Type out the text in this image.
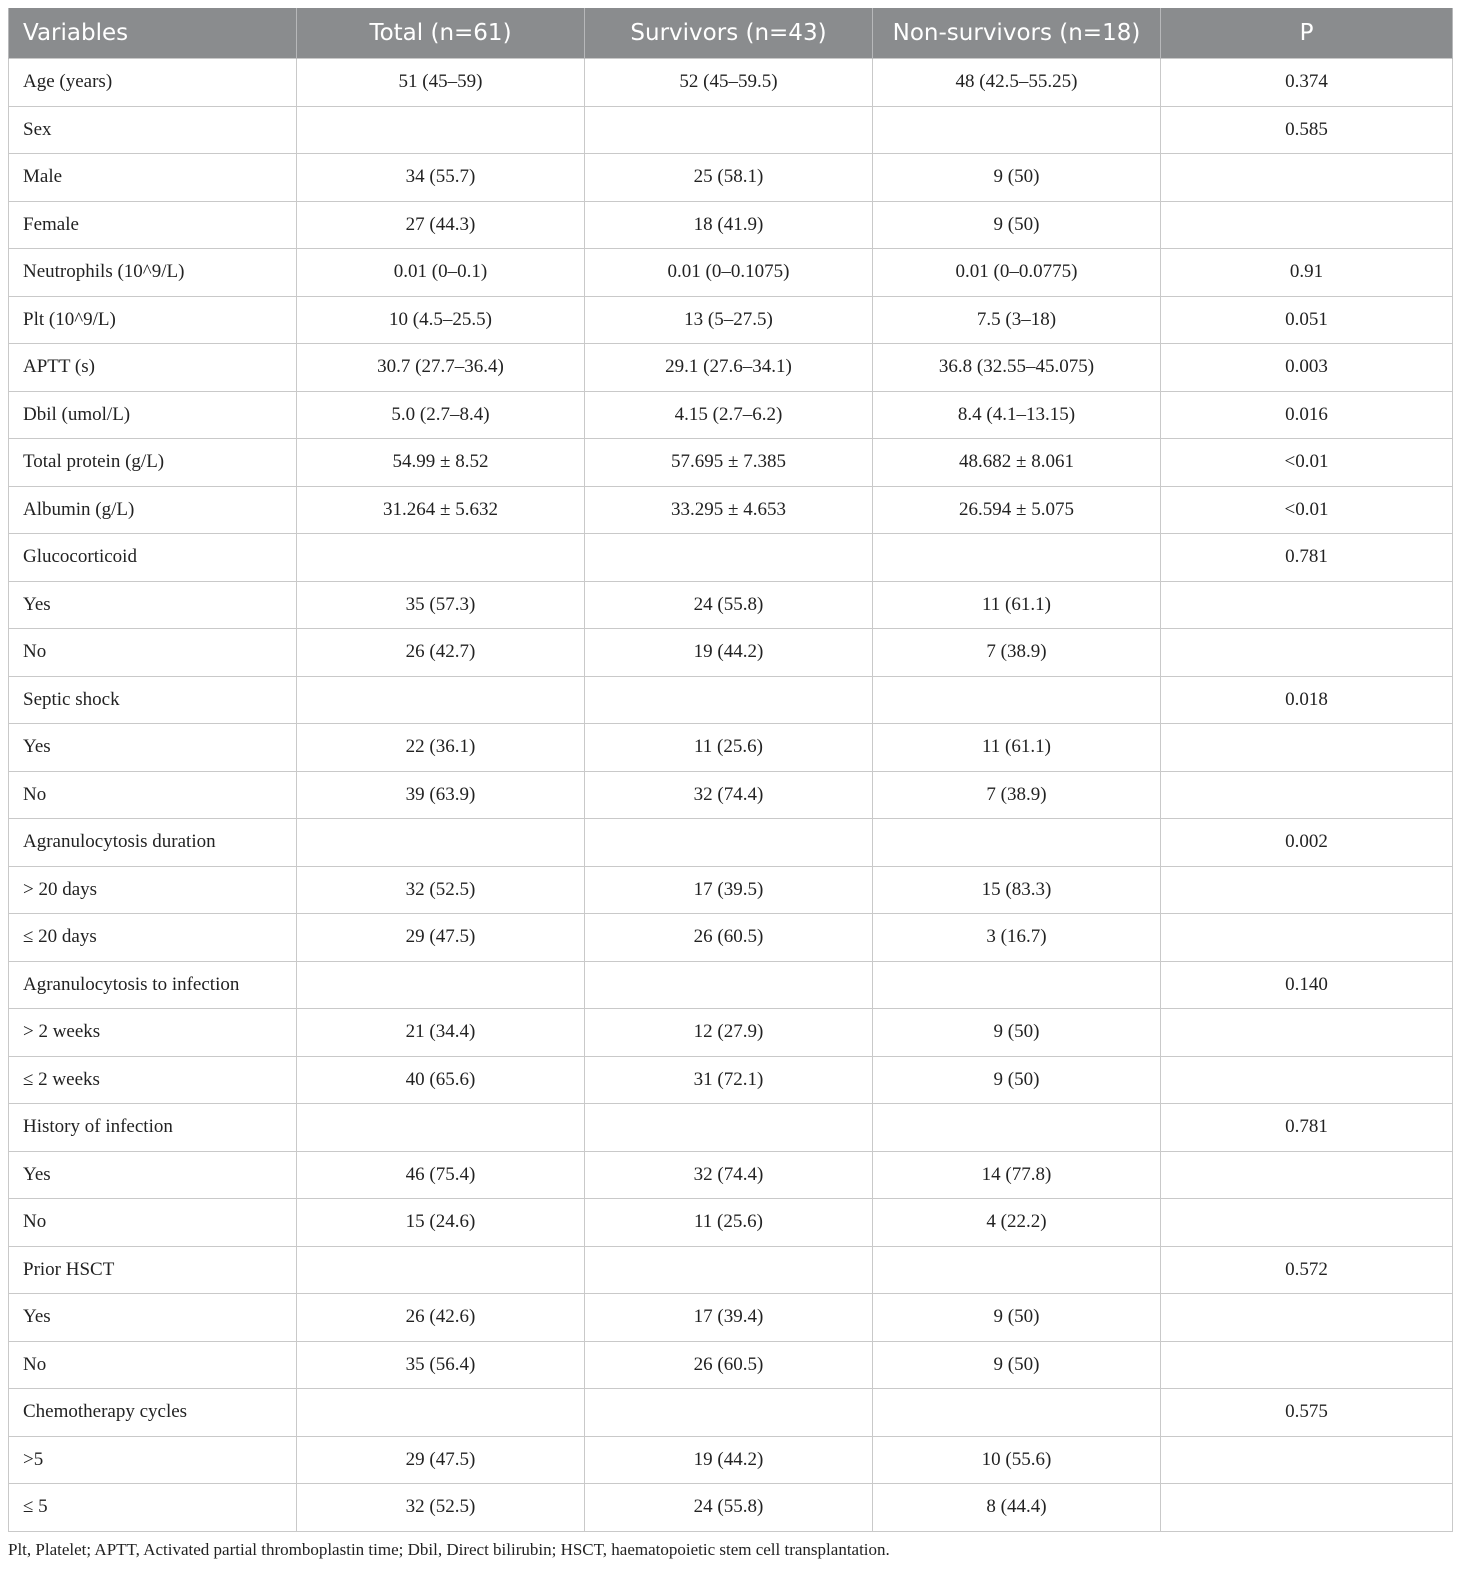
Variables	Total (n=61)	Survivors (n=43)	Non-survivors (n=18)	P
Age (years)	51 (45–59)	52 (45–59.5)	48 (42.5–55.25)	0.374
Sex				0.585
Male	34 (55.7)	25 (58.1)	9 (50)	
Female	27 (44.3)	18 (41.9)	9 (50)	
Neutrophils (10^9/L)	0.01 (0–0.1)	0.01 (0–0.1075)	0.01 (0–0.0775)	0.91
Plt (10^9/L)	10 (4.5–25.5)	13 (5–27.5)	7.5 (3–18)	0.051
APTT (s)	30.7 (27.7–36.4)	29.1 (27.6–34.1)	36.8 (32.55–45.075)	0.003
Dbil (umol/L)	5.0 (2.7–8.4)	4.15 (2.7–6.2)	8.4 (4.1–13.15)	0.016
Total protein (g/L)	54.99 ± 8.52	57.695 ± 7.385	48.682 ± 8.061	<0.01
Albumin (g/L)	31.264 ± 5.632	33.295 ± 4.653	26.594 ± 5.075	<0.01
Glucocorticoid				0.781
Yes	35 (57.3)	24 (55.8)	11 (61.1)	
No	26 (42.7)	19 (44.2)	7 (38.9)	
Septic shock				0.018
Yes	22 (36.1)	11 (25.6)	11 (61.1)	
No	39 (63.9)	32 (74.4)	7 (38.9)	
Agranulocytosis duration				0.002
> 20 days	32 (52.5)	17 (39.5)	15 (83.3)	
≤ 20 days	29 (47.5)	26 (60.5)	3 (16.7)	
Agranulocytosis to infection				0.140
> 2 weeks	21 (34.4)	12 (27.9)	9 (50)	
≤ 2 weeks	40 (65.6)	31 (72.1)	9 (50)	
History of infection				0.781
Yes	46 (75.4)	32 (74.4)	14 (77.8)	
No	15 (24.6)	11 (25.6)	4 (22.2)	
Prior HSCT				0.572
Yes	26 (42.6)	17 (39.4)	9 (50)	
No	35 (56.4)	26 (60.5)	9 (50)	
Chemotherapy cycles				0.575
>5	29 (47.5)	19 (44.2)	10 (55.6)	
≤ 5	32 (52.5)	24 (55.8)	8 (44.4)	
Plt, Platelet; APTT, Activated partial thromboplastin time; Dbil, Direct bilirubin; HSCT, haematopoietic stem cell transplantation.
